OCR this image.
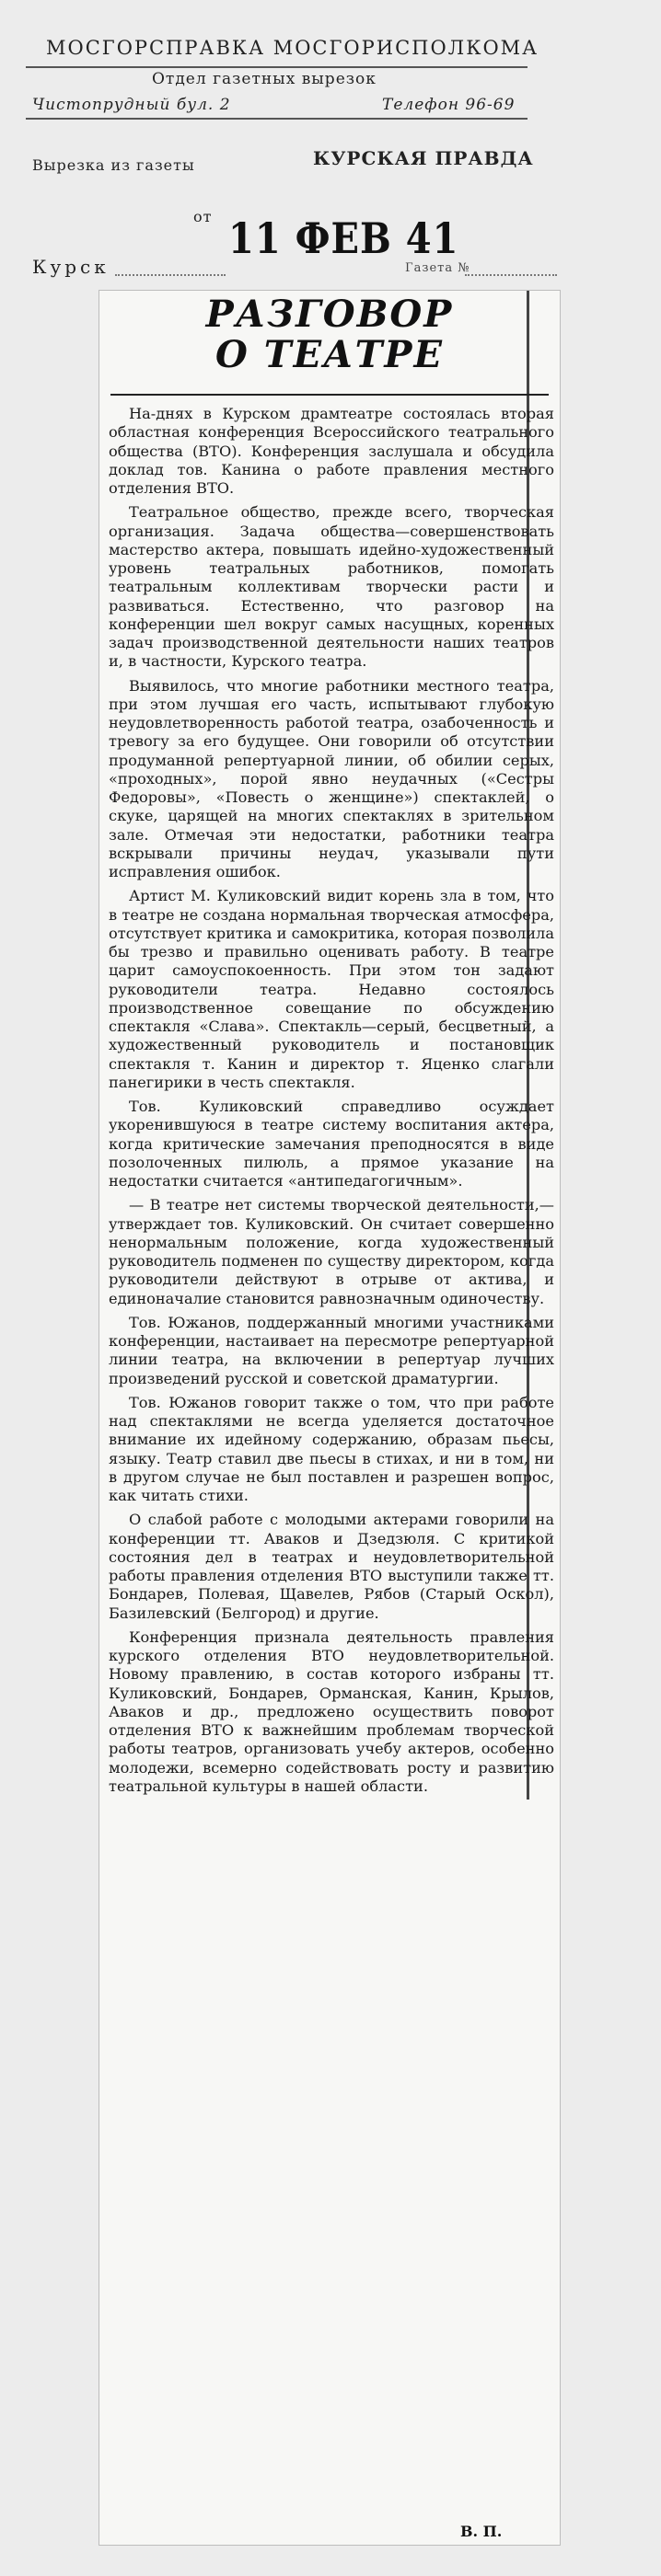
МОСГОРСПРАВКА МОСГОРИСПОЛКОМА
Отдел газетных вырезок
Чистопрудный бул. 2	Телефон 96-69
Вырезка из газеты	КУРСКАЯ ПРАВДА
от 11 ФЕВ 41
Курск	Газета №
РАЗГОВОР
О ТЕАТРЕ

На-днях в Курском драмтеатре состоялась вторая областная конференция Всероссийского театрального общества (ВТО). Конференция заслушала и обсудила доклад тов. Канина о работе правления местного отделения ВТО.

Театральное общество, прежде всего, творческая организация. Задача общества—совершенствовать мастерство актера, повышать идейно-художественный уровень театральных работников, помогать театральным коллективам творчески расти и развиваться. Естественно, что разговор на конференции шел вокруг самых насущных, коренных задач производственной деятельности наших театров и, в частности, Курского театра.

Выявилось, что многие работники местного театра, при этом лучшая его часть, испытывают глубокую неудовлетворенность работой театра, озабоченность и тревогу за его будущее. Они говорили об отсутствии продуманной репертуарной линии, об обилии серых, «проходных», порой явно неудачных («Сестры Федоровы», «Повесть о женщине») спектаклей, о скуке, царящей на многих спектаклях в зрительном зале. Отмечая эти недостатки, работники театра вскрывали причины неудач, указывали пути исправления ошибок.

Артист М. Куликовский видит корень зла в том, что в театре не создана нормальная творческая атмосфера, отсутствует критика и самокритика, которая позволила бы трезво и правильно оценивать работу. В театре царит самоуспокоенность. При этом тон задают руководители театра. Недавно состоялось производственное совещание по обсуждению спектакля «Слава». Спектакль—серый, бесцветный, а художественный руководитель и постановщик спектакля т. Канин и директор т. Яценко слагали панегирики в честь спектакля.

Тов. Куликовский справедливо осуждает укоренившуюся в театре систему воспитания актера, когда критические замечания преподносятся в виде позолоченных пилюль, а прямое указание на недостатки считается «антипедагогичным».

— В театре нет системы творческой деятельности,—утверждает тов. Куликовский. Он считает совершенно ненормальным положение, когда художественный руководитель подменен по существу директором, когда руководители действуют в отрыве от актива, и единоначалие становится равнозначным одиночеству.

Тов. Южанов, поддержанный многими участниками конференции, настаивает на пересмотре репертуарной линии театра, на включении в репертуар лучших произведений русской и советской драматургии.

Тов. Южанов говорит также о том, что при работе над спектаклями не всегда уделяется достаточное внимание их идейному содержанию, образам пьесы, языку. Театр ставил две пьесы в стихах, и ни в том, ни в другом случае не был поставлен и разрешен вопрос, как читать стихи.

О слабой работе с молодыми актерами говорили на конференции тт. Аваков и Дзедзюля. С критикой состояния дел в театрах и неудовлетворительной работы правления отделения ВТО выступили также тт. Бондарев, Полевая, Щавелев, Рябов (Старый Оскол), Базилевский (Белгород) и другие.

Конференция признала деятельность правления курского отделения ВТО неудовлетворительной. Новому правлению, в состав которого избраны тт. Куликовский, Бондарев, Орманская, Канин, Крылов, Аваков и др., предложено осуществить поворот отделения ВТО к важнейшим проблемам творческой работы театров, организовать учебу актеров, особенно молодежи, всемерно содействовать росту и развитию театральной культуры в нашей области.

В. П.
